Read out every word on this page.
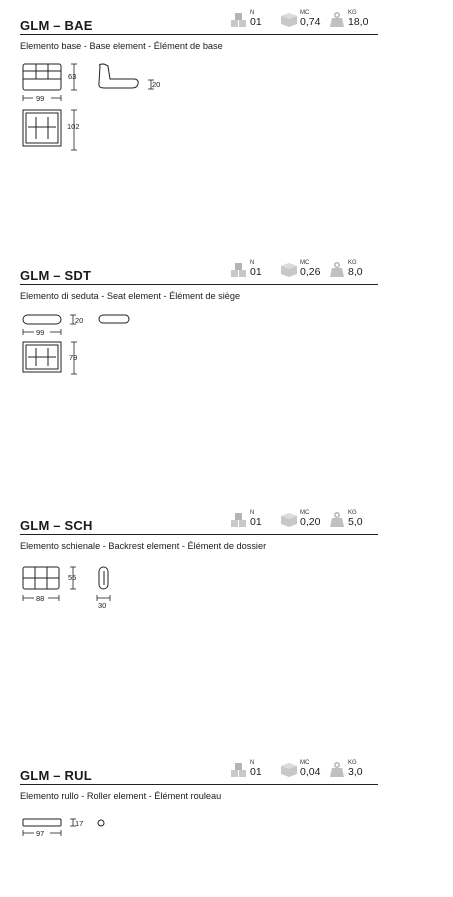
GLM – BAE
N
01
MC
0,74
KG
18,0
Elemento base - Base element - Élément de base
99
63
20
102
GLM – SDT
N
01
MC
0,26
KG
8,0
Elemento di seduta - Seat element - Élément de siège
20
99
79
GLM – SCH
N
01
MC
0,20
KG
5,0
Elemento schienale - Backrest element - Élément de dossier
55
88
30
GLM – RUL
N
01
MC
0,04
KG
3,0
Elemento rullo - Roller element - Élément rouleau
17
97
